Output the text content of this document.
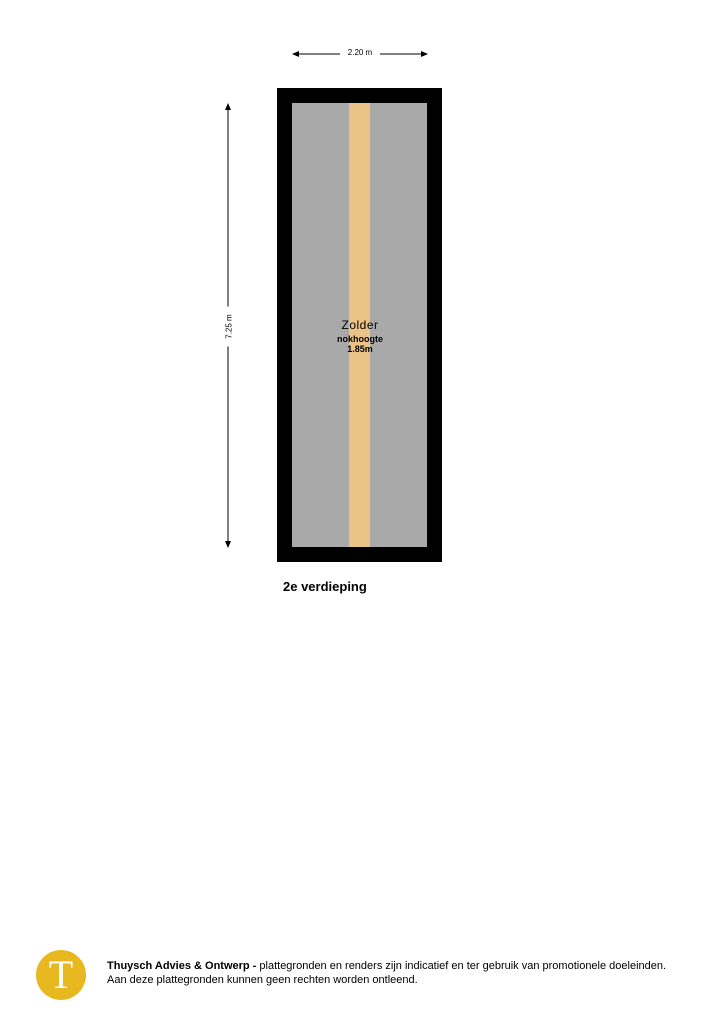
2.20 m
7.25 m	Zolder
nokhoogte
1.85m
2e verdieping
T	Thuysch Advies & Ontwerp - plattegronden en renders zijn indicatief en ter gebruik van promotionele doeleinden.
Aan deze plattegronden kunnen geen rechten worden ontleend.
